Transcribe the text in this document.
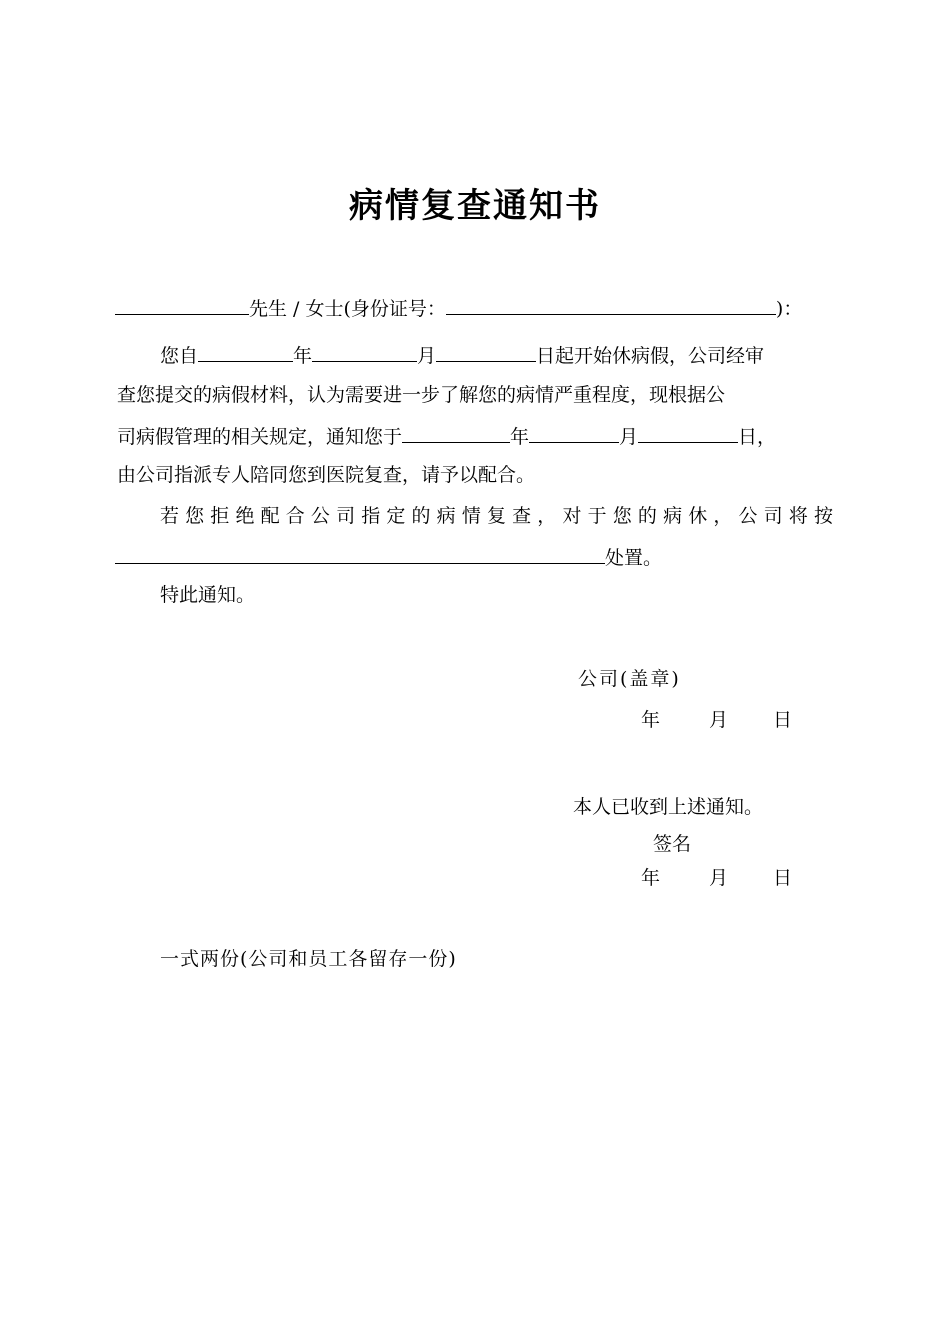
病情复查通知书
先生 / 女士(身份证号：	)：
您自	年	月	日起开始休病假，公司经审
查您提交的病假材料，认为需要进一步了解您的病情严重程度，现根据公
司病假管理的相关规定，通知您于	年	月	日，
由公司指派专人陪同您到医院复查，请予以配合。
若您拒绝配合公司指定的病情复查，对于您的病休，公司将按
处置。
特此通知。
公司(盖章)
年	月 日
本人已收到上述通知。
签名
年	月 日
一式两份(公司和员工各留存一份)
